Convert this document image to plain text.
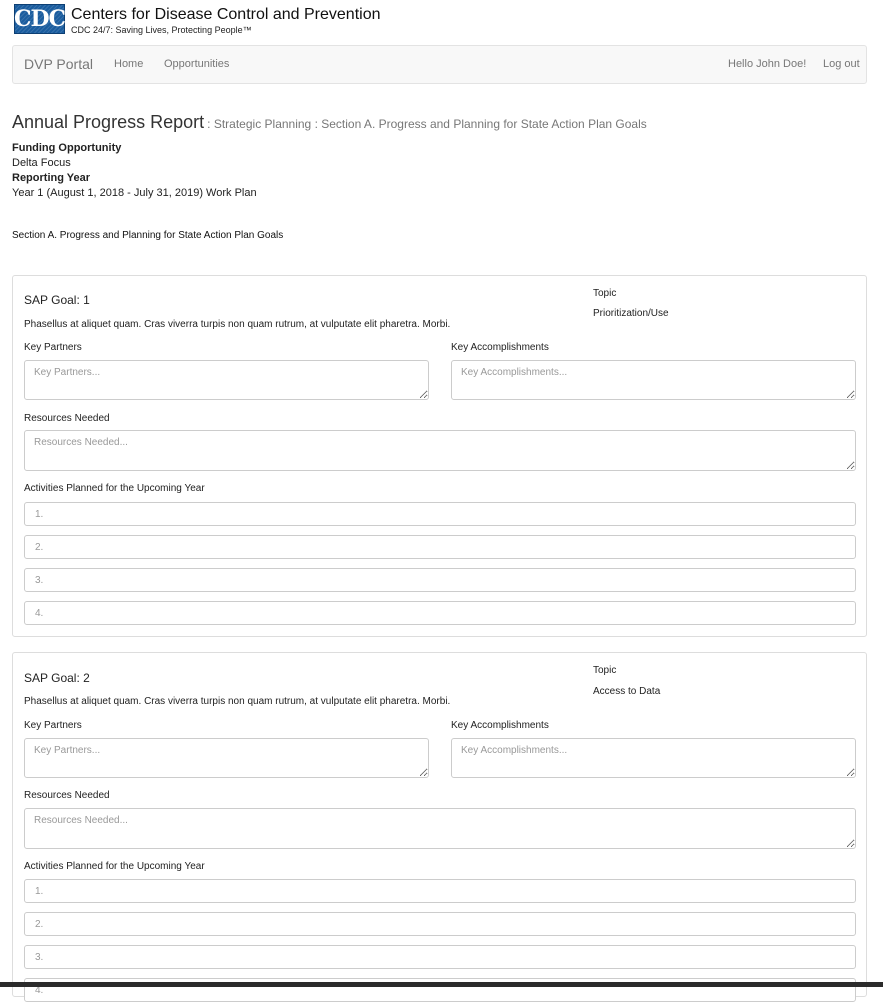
CDC Centers for Disease Control and Prevention
CDC 24/7: Saving Lives, Protecting People™
DVP Portal Home Opportunities	Hello John Doe! Log out
Annual Progress Report : Strategic Planning : Section A. Progress and Planning for State Action Plan Goals
Funding Opportunity
Delta Focus
Reporting Year
Year 1 (August 1, 2018 - July 31, 2019) Work Plan
Section A. Progress and Planning for State Action Plan Goals
SAP Goal: 1
Phasellus at aliquet quam. Cras viverra turpis non quam rutrum, at vulputate elit pharetra. Morbi.
Topic
Prioritization/Use
Key Partners	Key Accomplishments
Key Partners...
Key Accomplishments...
Resources Needed
Resources Needed...
Activities Planned for the Upcoming Year
1.
2.
3.
4.
SAP Goal: 2
Phasellus at aliquet quam. Cras viverra turpis non quam rutrum, at vulputate elit pharetra. Morbi.
Topic
Access to Data
Key Partners	Key Accomplishments
Key Partners...
Key Accomplishments...
Resources Needed
Resources Needed...
Activities Planned for the Upcoming Year
1.
2.
3.
4.
